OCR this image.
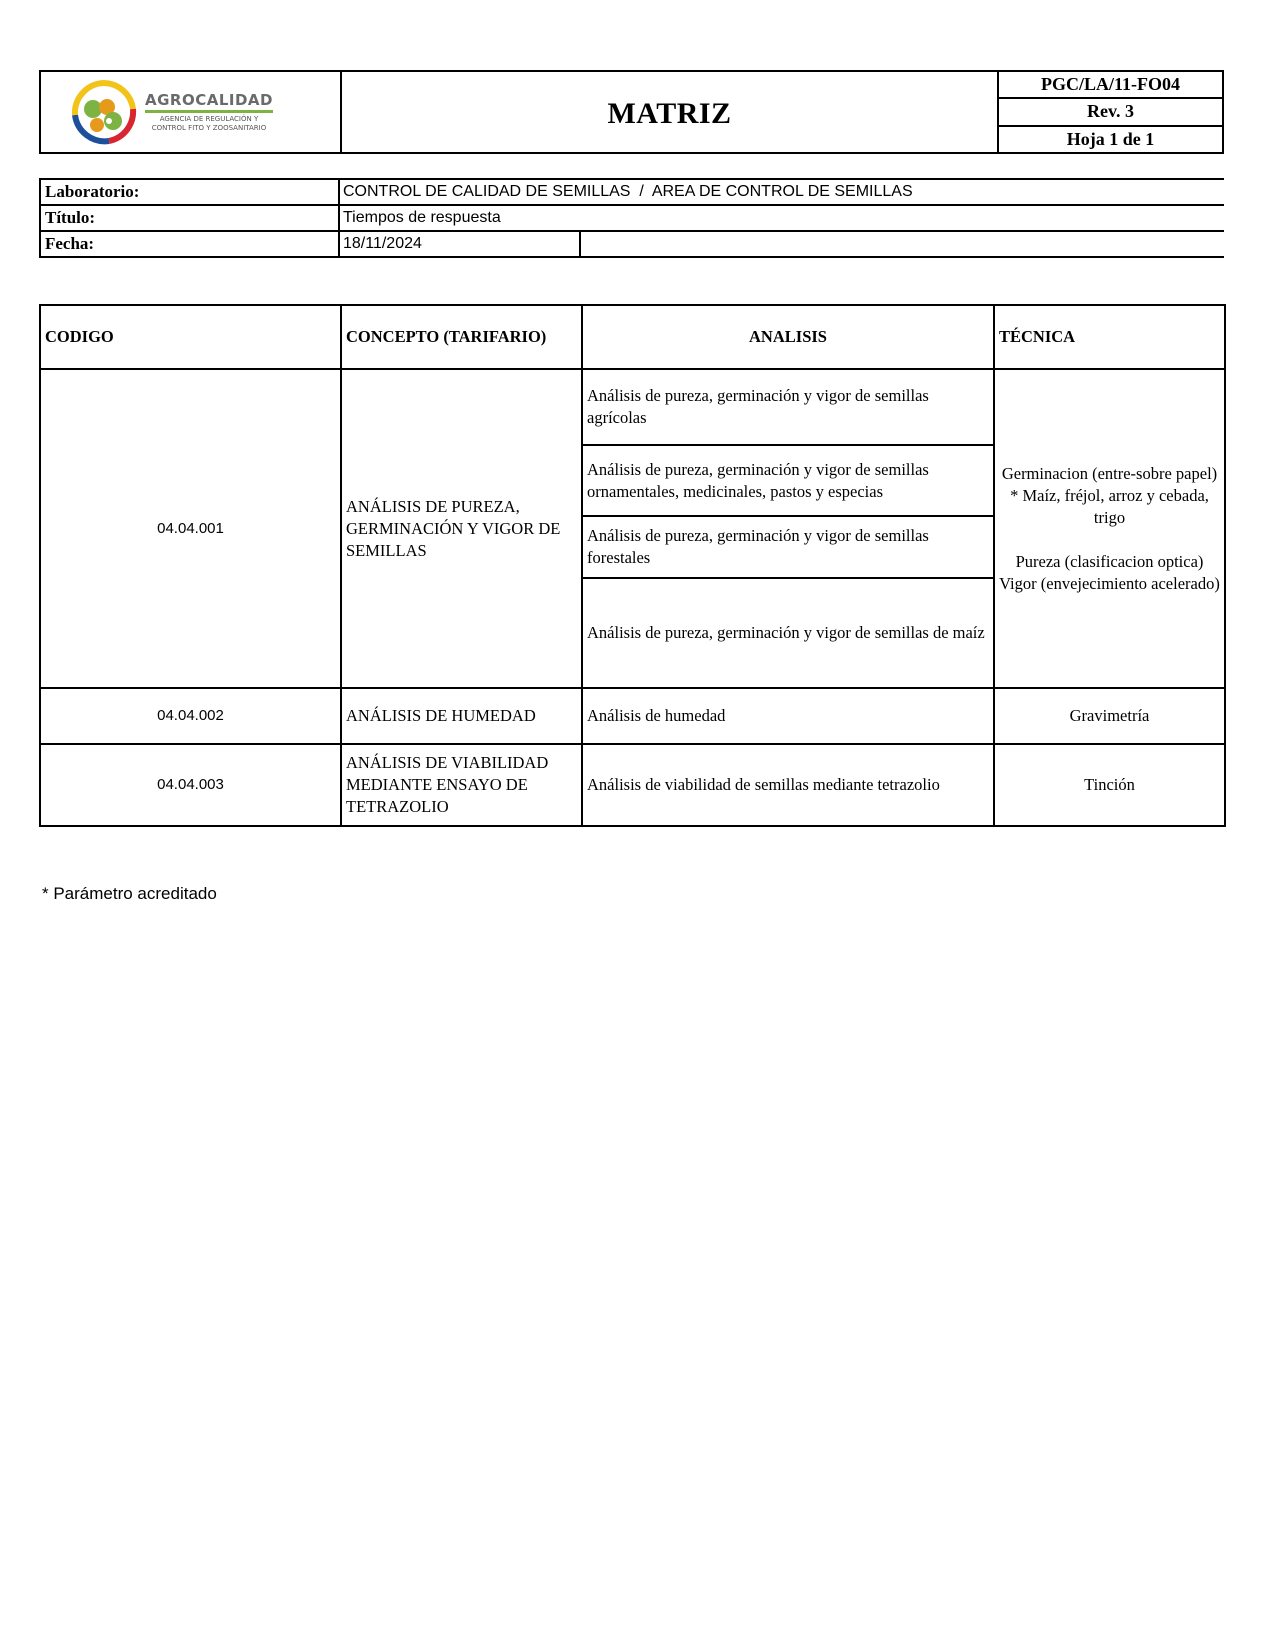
AGROCALIDAD
AGENCIA DE REGULACIÓN Y
CONTROL FITO Y ZOOSANITARIO	MATRIZ
PGC/LA/11-FO04
Rev. 3
Hoja 1 de 1
Laboratorio:	CONTROL DE CALIDAD DE SEMILLAS  /  AREA DE CONTROL DE SEMILLAS
Título:	Tiempos de respuesta
Fecha:	18/11/2024
CODIGO	CONCEPTO (TARIFARIO)	ANALISIS	TÉCNICA
04.04.001	ANÁLISIS DE PUREZA, GERMINACIÓN Y VIGOR DE SEMILLAS	Análisis de pureza, germinación y vigor de semillas agrícolas	Germinacion (entre-sobre papel)
* Maíz, fréjol, arroz y cebada, trigo
Pureza (clasificacion optica)
Vigor (envejecimiento acelerado)

		Análisis de pureza, germinación y vigor de semillas ornamentales, medicinales, pastos y especias	
		Análisis de pureza, germinación y vigor de semillas forestales	
		Análisis de pureza, germinación y vigor de semillas de maíz	
04.04.002	ANÁLISIS DE HUMEDAD	Análisis de humedad	Gravimetría
04.04.003	ANÁLISIS DE VIABILIDAD MEDIANTE ENSAYO DE TETRAZOLIO	Análisis de viabilidad de semillas mediante tetrazolio	Tinción
* Parámetro acreditado
